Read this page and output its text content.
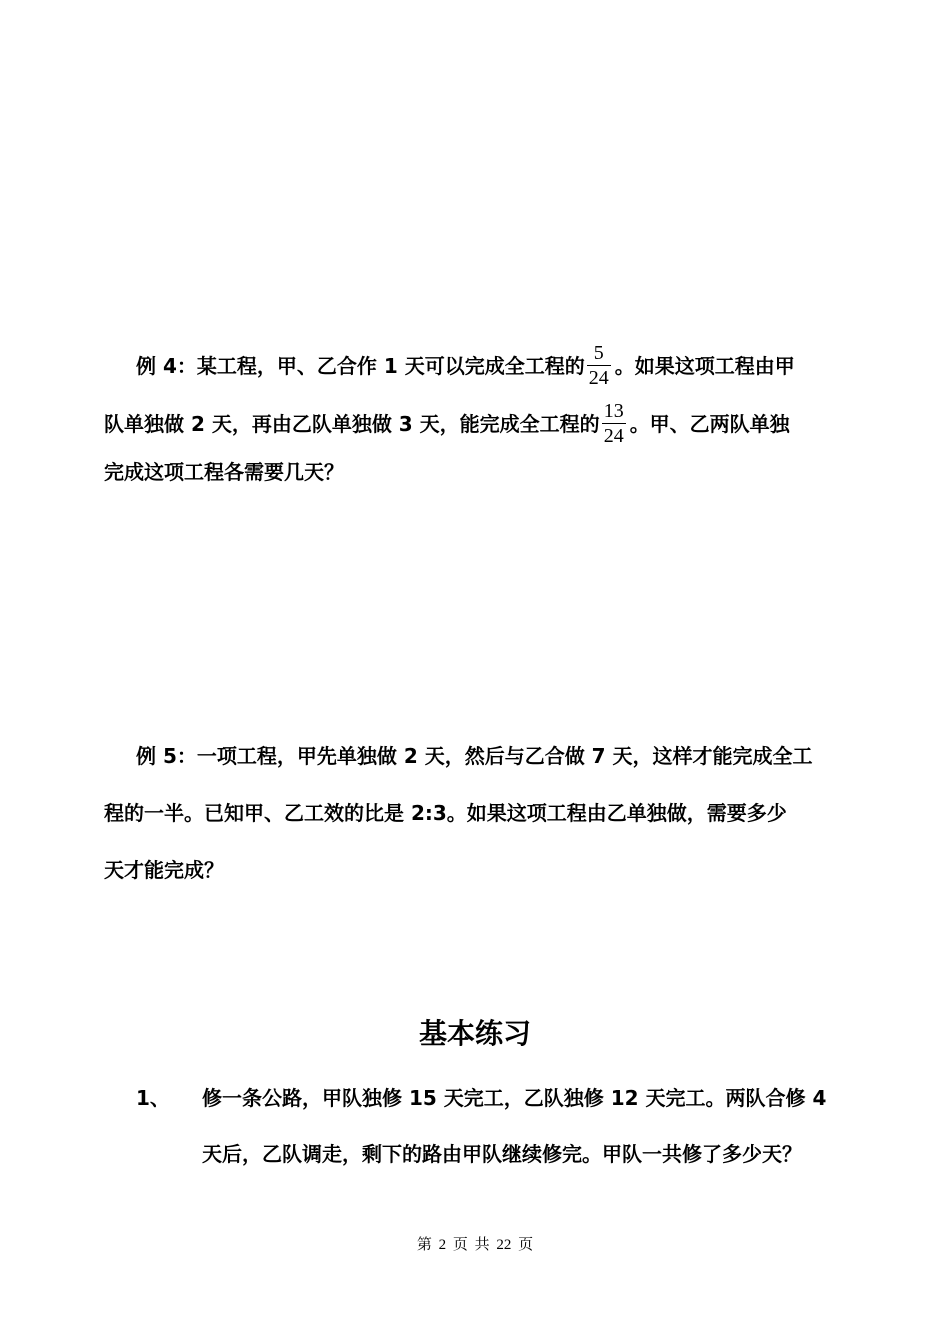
例 4：某工程，甲、乙合作 1 天可以完成全工程的 $\frac{5}{24}$ 。如果这项工程由甲
队单独做 2 天，再由乙队单独做 3 天，能完成全工程的 $\frac{13}{24}$ 。甲、乙两队单独
完成这项工程各需要几天？
例 5：一项工程，甲先单独做 2 天，然后与乙合做 7 天，这样才能完成全工
程的一半。已知甲、乙工效的比是 2:3。如果这项工程由乙单独做，需要多少
天才能完成？
基本练习
1、 修一条公路，甲队独修 15 天完工，乙队独修 12 天完工。两队合修 4
天后，乙队调走，剩下的路由甲队继续修完。甲队一共修了多少天？
第 2 页 共 22 页
